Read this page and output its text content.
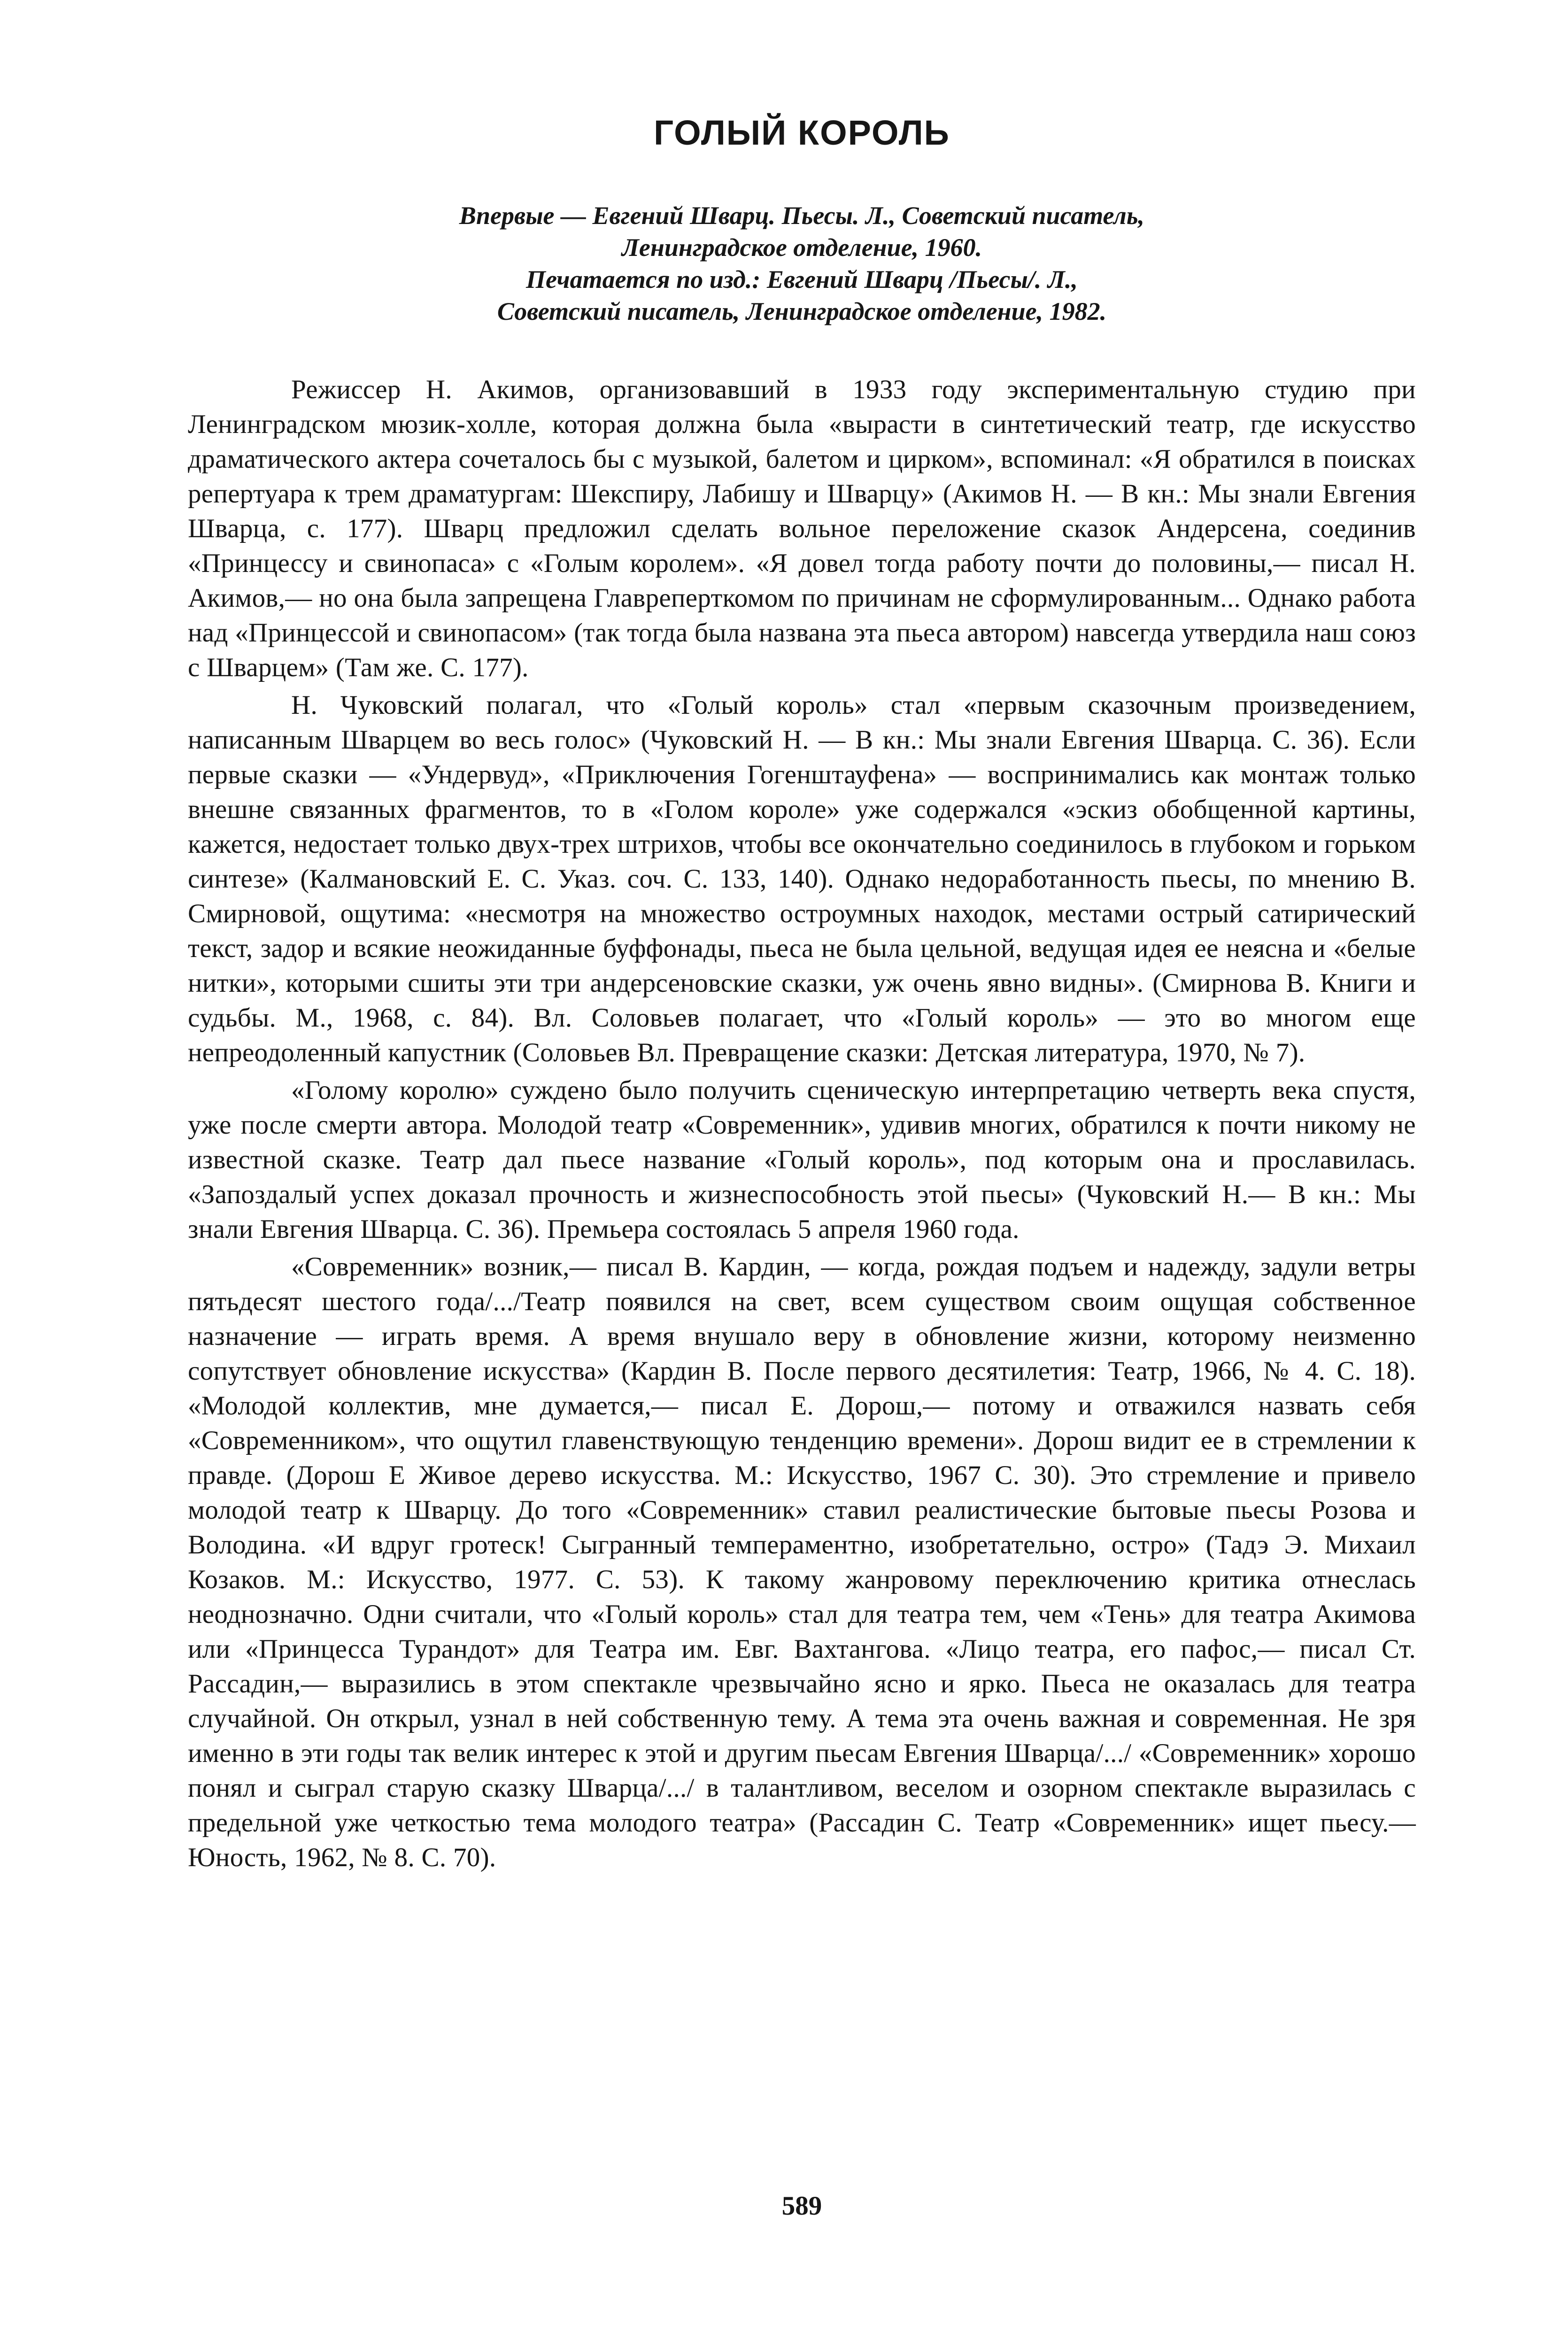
ГОЛЫЙ КОРОЛЬ
Впервые — Евгений Шварц. Пьесы. Л., Советский писатель,
Ленинградское отделение, 1960.
Печатается по изд.: Евгений Шварц /Пьесы/. Л.,
Советский писатель, Ленинградское отделение, 1982.

Режиссер Н. Акимов, организовавший в 1933 году экспериментальную студию при Ленинградском мюзик-холле, которая должна была «вырасти в синтетический театр, где искусство драматического актера сочеталось бы с музыкой, балетом и цирком», вспоминал: «Я обратился в поисках репертуара к трем драматургам: Шекспиру, Лабишу и Шварцу» (Акимов Н. — В кн.: Мы знали Евгения Шварца, с. 177). Шварц предложил сделать вольное переложение сказок Андерсена, соединив «Принцессу и свинопаса» с «Голым королем». «Я довел тогда работу почти до половины,— писал Н. Акимов,— но она была запрещена Главреперткомом по причинам не сформулированным... Однако работа над «Принцессой и свинопасом» (так тогда была названа эта пьеса автором) навсегда утвердила наш союз с Шварцем» (Там же. С. 177).

Н. Чуковский полагал, что «Голый король» стал «первым сказочным произведением, написанным Шварцем во весь голос» (Чуковский Н. — В кн.: Мы знали Евгения Шварца. С. 36). Если первые сказки — «Ундервуд», «Приключения Гогенштауфена» — воспринимались как монтаж только внешне связанных фрагментов, то в «Голом короле» уже содержался «эскиз обобщенной картины, кажется, недостает только двух-трех штрихов, чтобы все окончательно соединилось в глубоком и горьком синтезе» (Калмановский Е. С. Указ. соч. С. 133, 140). Однако недоработанность пьесы, по мнению В. Смирновой, ощутима: «несмотря на множество остроумных находок, местами острый сатирический текст, задор и всякие неожиданные буффонады, пьеса не была цельной, ведущая идея ее неясна и «белые нитки», которыми сшиты эти три андерсеновские сказки, уж очень явно видны». (Смирнова В. Книги и судьбы. М., 1968, с. 84). Вл. Соловьев полагает, что «Голый король» — это во многом еще непреодоленный капустник (Соловьев Вл. Превращение сказки: Детская литература, 1970, № 7).

«Голому королю» суждено было получить сценическую интерпретацию четверть века спустя, уже после смерти автора. Молодой театр «Современник», удивив многих, обратился к почти никому не известной сказке. Театр дал пьесе название «Голый король», под которым она и прославилась. «Запоздалый успех доказал прочность и жизнеспособность этой пьесы» (Чуковский Н.— В кн.: Мы знали Евгения Шварца. С. 36). Премьера состоялась 5 апреля 1960 года.

«Современник» возник,— писал В. Кардин, — когда, рождая подъем и надежду, задули ветры пятьдесят шестого года/.../Театр появился на свет, всем существом своим ощущая собственное назначение — играть время. А время внушало веру в обновление жизни, которому неизменно сопутствует обновление искусства» (Кардин В. После первого десятилетия: Театр, 1966, № 4. С. 18). «Молодой коллектив, мне думается,— писал Е. Дорош,— потому и отважился назвать себя «Современником», что ощутил главенствующую тенденцию времени». Дорош видит ее в стремлении к правде. (Дорош Е Живое дерево искусства. М.: Искусство, 1967 С. 30). Это стремление и привело молодой театр к Шварцу. До того «Современник» ставил реалистические бытовые пьесы Розова и Володина. «И вдруг гротеск! Сыгранный темпераментно, изобретательно, остро» (Тадэ Э. Михаил Козаков. М.: Искусство, 1977. С. 53). К такому жанровому переключению критика отнеслась неоднозначно. Одни считали, что «Голый король» стал для театра тем, чем «Тень» для театра Акимова или «Принцесса Турандот» для Театра им. Евг. Вахтангова. «Лицо театра, его пафос,— писал Ст. Рассадин,— выразились в этом спектакле чрезвычайно ясно и ярко. Пьеса не оказалась для театра случайной. Он открыл, узнал в ней собственную тему. А тема эта очень важная и современная. Не зря именно в эти годы так велик интерес к этой и другим пьесам Евгения Шварца/.../ «Современник» хорошо понял и сыграл старую сказку Шварца/.../ в талантливом, веселом и озорном спектакле выразилась с предельной уже четкостью тема молодого театра» (Рассадин С. Театр «Современник» ищет пьесу.— Юность, 1962, № 8. С. 70).

589
